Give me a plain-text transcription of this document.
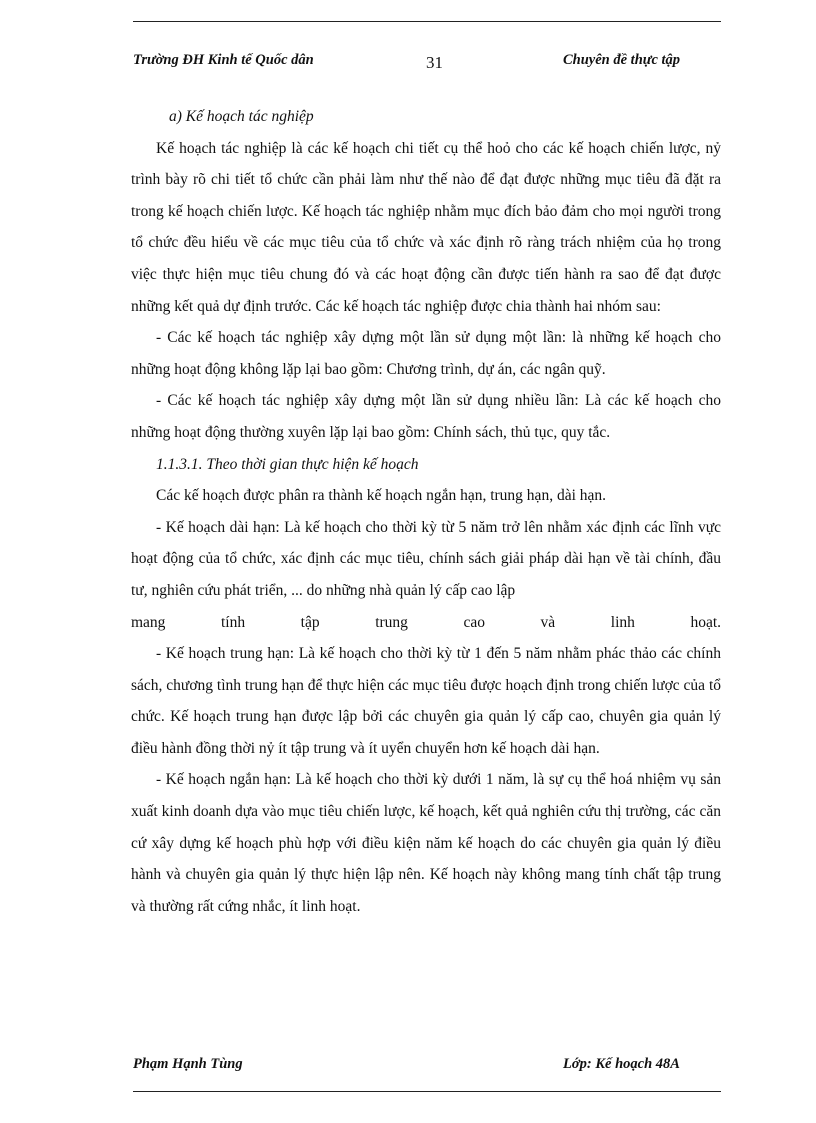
Trường ĐH Kinh tế Quốc dân	31	Chuyên đề thực tập

a) Kế hoạch tác nghiệp

Kế hoạch tác nghiệp là các kế hoạch chi tiết cụ thể hoỏ cho các kế hoạch chiến lược, nỷ trình bày rõ chi tiết tổ chức cần phải làm như thế nào để đạt được những mục tiêu đã đặt ra trong kế hoạch chiến lược. Kế hoạch tác nghiệp nhằm mục đích bảo đảm cho mọi người trong tổ chức đều hiểu về các mục tiêu của tổ chức và xác định rõ ràng trách nhiệm của họ trong việc thực hiện mục tiêu chung đó và các hoạt động cần được tiến hành ra sao để đạt được những kết quả dự định trước. Các kế hoạch tác nghiệp được chia thành hai nhóm sau:

- Các kế hoạch tác nghiệp xây dựng một lần sử dụng một lần: là những kế hoạch cho những hoạt động không lặp lại bao gồm: Chương trình, dự án, các ngân quỹ.

- Các kế hoạch tác nghiệp xây dựng một lần sử dụng nhiều lần: Là các kế hoạch cho những hoạt động thường xuyên lặp lại bao gồm: Chính sách, thủ tục, quy tắc.

1.1.3.1. Theo thời gian thực hiện kế hoạch

Các kế hoạch được phân ra thành kế hoạch ngắn hạn, trung hạn, dài hạn.

- Kế hoạch dài hạn: Là kế hoạch cho thời kỳ từ 5 năm trở lên nhằm xác định các lĩnh vực hoạt động của tổ chức, xác định các mục tiêu, chính sách giải pháp dài hạn về tài chính, đầu tư, nghiên cứu phát triển, ... do những nhà quản lý cấp cao lập

mang tính tập trung cao và linh hoạt.

- Kế hoạch trung hạn: Là kế hoạch cho thời kỳ từ 1 đến 5 năm nhằm phác thảo các chính sách, chương tình trung hạn để thực hiện các mục tiêu được hoạch định trong chiến lược của tổ chức. Kế hoạch trung hạn được lập bởi các chuyên gia quản lý cấp cao, chuyên gia quản lý điều hành đồng thời nỷ ít tập trung và ít uyển chuyển hơn kế hoạch dài hạn.

- Kế hoạch ngắn hạn: Là kế hoạch cho thời kỳ dưới 1 năm, là sự cụ thể hoá nhiệm vụ sản xuất kinh doanh dựa vào mục tiêu chiến lược, kế hoạch, kết quả nghiên cứu thị trường, các căn cứ xây dựng kế hoạch phù hợp với điều kiện năm kế hoạch do các chuyên gia quản lý điều hành và chuyên gia quản lý thực hiện lập nên. Kế hoạch này không mang tính chất tập trung và thường rất cứng nhắc, ít linh hoạt.

Phạm Hạnh Tùng	Lớp: Kế hoạch 48A
